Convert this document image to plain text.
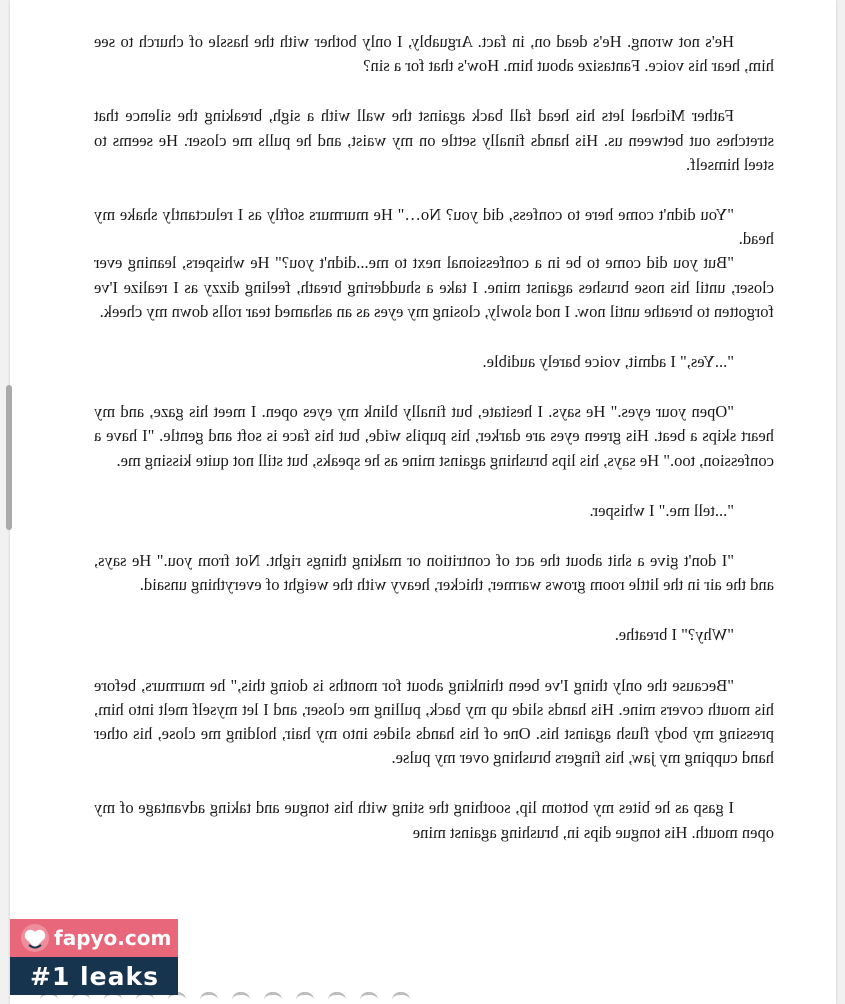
He's not wrong. He's dead on, in fact. Arguably, I only bother with the hassle of church to see him, hear his voice. Fantasize about him. How's that for a sin?

Father Michael lets his head fall back against the wall with a sigh, breaking the silence that stretches out between us. His hands finally settle on my waist, and he pulls me closer. He seems to steel himself.

"You didn't come here to confess, did you? No…" He murmurs softly as I reluctantly shake my head.

"But you did come to be in a confessional next to me...didn't you?" He whispers, leaning ever closer, until his nose brushes against mine. I take a shuddering breath, feeling dizzy as I realize I've forgotten to breathe until now. I nod slowly, closing my eyes as an ashamed tear rolls down my cheek.

"...Yes," I admit, voice barely audible.

"Open your eyes." He says. I hesitate, but finally blink my eyes open. I meet his gaze, and my heart skips a beat. His green eyes are darker, his pupils wide, but his face is soft and gentle. "I have a confession, too." He says, his lips brushing against mine as he speaks, but still not quite kissing me.

"...tell me." I whisper.

"I don't give a shit about the act of contrition or making things right. Not from you." He says, and the air in the little room grows warmer, thicker, heavy with the weight of everything unsaid.

"Why?" I breathe.

"Because the only thing I've been thinking about for months is doing this," he murmurs, before his mouth covers mine. His hands slide up my back, pulling me closer, and I let myself melt into him, pressing my body flush against his. One of his hands slides into my hair, holding me close, his other hand cupping my jaw, his fingers brushing over my pulse.

I gasp as he bites my bottom lip, soothing the sting with his tongue and taking advantage of my open mouth. His tongue dips in, brushing against mine

fapyo.com
#1 leaks
